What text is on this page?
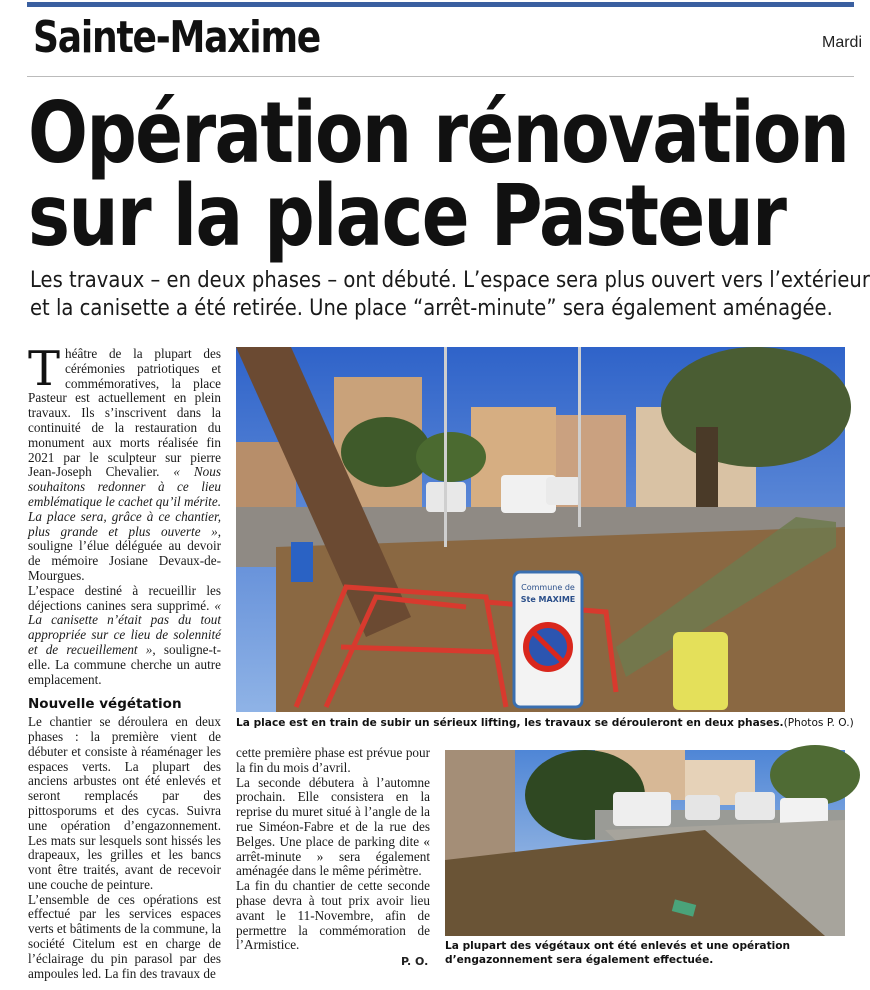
Sainte-Maxime	Mardi
Opération rénovation
sur la place Pasteur
Les travaux – en deux phases – ont débuté. L’espace sera plus ouvert vers l’extérieur
et la canisette a été retirée. Une place “arrêt-minute” sera également aménagée.

Théâtre de la plupart des cérémonies patriotiques et commémoratives, la place Pasteur est actuellement en plein travaux. Ils s’inscrivent dans la continuité de la restauration du monument aux morts réalisée fin 2021 par le sculpteur sur pierre Jean-Joseph Chevalier. « Nous souhaitons redonner à ce lieu emblématique le cachet qu’il mérite. La place sera, grâce à ce chantier, plus grande et plus ouverte », souligne l’élue déléguée au devoir de mémoire Josiane Devaux-de-Mourgues.

L’espace destiné à recueillir les déjections canines sera supprimé. « La canisette n’était pas du tout appropriée sur ce lieu de solennité et de recueillement », souligne-t-elle. La commune cherche un autre emplacement.

Nouvelle végétation

Le chantier se déroulera en deux phases : la première vient de débuter et consiste à réaménager les espaces verts. La plupart des anciens arbustes ont été enlevés et seront remplacés par des pittosporums et des cycas. Suivra une opération d’engazonnement. Les mats sur lesquels sont hissés les drapeaux, les grilles et les bancs vont être traités, avant de recevoir une couche de peinture.

L’ensemble de ces opérations est effectué par les services espaces verts et bâtiments de la commune, la société Citelum est en charge de l’éclairage du pin parasol par des ampoules led. La fin des travaux de

Commune de
Ste MAXIME
La place est en train de subir un sérieux lifting, les travaux se dérouleront en deux phases.(Photos P. O.)

cette première phase est prévue pour la fin du mois d’avril.

La seconde débutera à l’automne prochain. Elle consistera en la reprise du muret situé à l’angle de la rue Siméon-Fabre et de la rue des Belges. Une place de parking dite « arrêt-minute » sera également aménagée dans le même périmètre.

La fin du chantier de cette seconde phase devra à tout prix avoir lieu avant le 11-Novembre, afin de permettre la commémoration de l’Armistice.

P. O.
La plupart des végétaux ont été enlevés et une opération d’engazonnement sera également effectuée.
